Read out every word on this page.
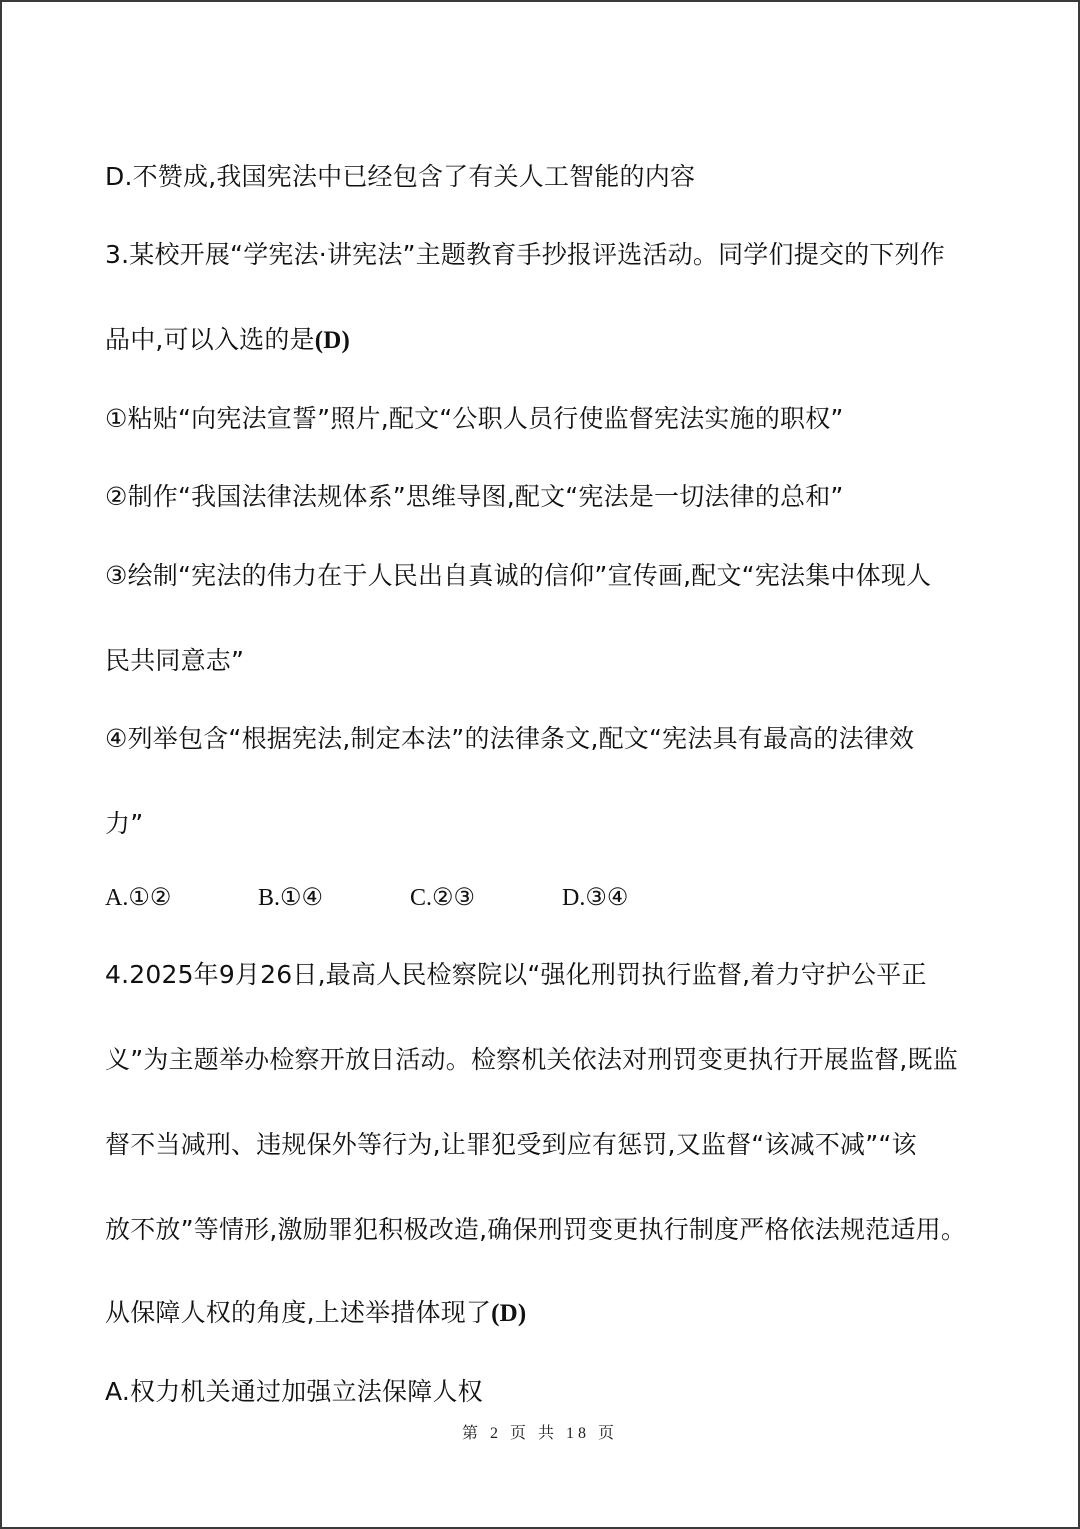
D.不赞成,我国宪法中已经包含了有关人工智能的内容
3.某校开展“学宪法·讲宪法”主题教育手抄报评选活动。同学们提交的下列作
品中,可以入选的是(D)
①粘贴“向宪法宣誓”照片,配文“公职人员行使监督宪法实施的职权”
②制作“我国法律法规体系”思维导图,配文“宪法是一切法律的总和”
③绘制“宪法的伟力在于人民出自真诚的信仰”宣传画,配文“宪法集中体现人
民共同意志”
④列举包含“根据宪法,制定本法”的法律条文,配文“宪法具有最高的法律效
力”
A.①②	B.①④	C.②③	D.③④
4.2025年9月26日,最高人民检察院以“强化刑罚执行监督,着力守护公平正
义”为主题举办检察开放日活动。检察机关依法对刑罚变更执行开展监督,既监
督不当减刑、违规保外等行为,让罪犯受到应有惩罚,又监督“该减不减”“该
放不放”等情形,激励罪犯积极改造,确保刑罚变更执行制度严格依法规范适用。
从保障人权的角度,上述举措体现了(D)
A.权力机关通过加强立法保障人权
第 2 页 共 18 页
